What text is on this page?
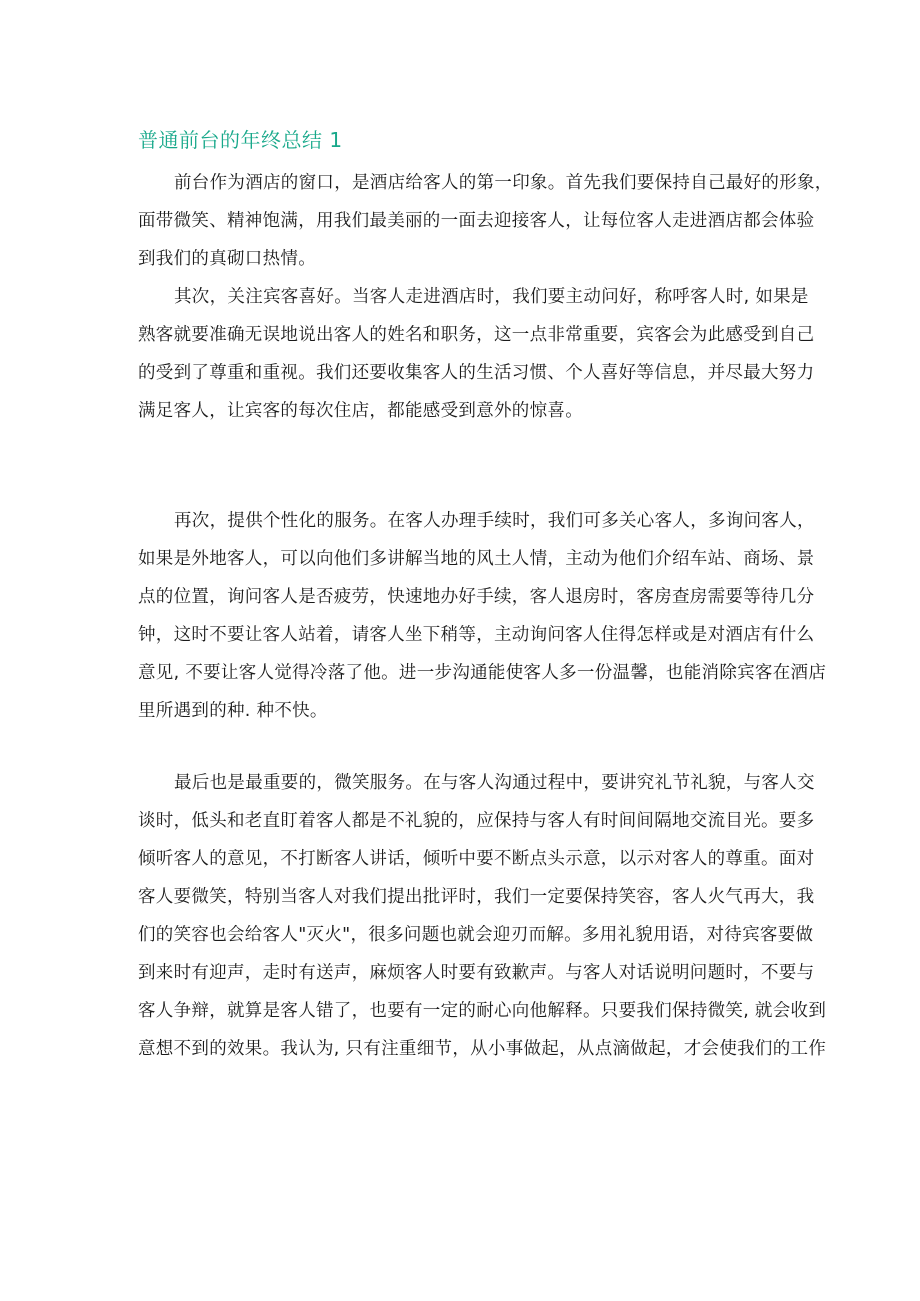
普通前台的年终总结 1

前台作为酒店的窗口，是酒店给客人的第一印象。首先我们要保持自己最好的形象，
面带微笑、精神饱满，用我们最美丽的一面去迎接客人，让每位客人走进酒店都会体验
到我们的真砌口热情。

其次，关注宾客喜好。当客人走进酒店时，我们要主动问好，称呼客人时, 如果是
熟客就要准确无误地说出客人的姓名和职务，这一点非常重要，宾客会为此感受到自己
的受到了尊重和重视。我们还要收集客人的生活习惯、个人喜好等信息，并尽最大努力
满足客人，让宾客的每次住店，都能感受到意外的惊喜。

再次，提供个性化的服务。在客人办理手续时，我们可多关心客人，多询问客人，
如果是外地客人，可以向他们多讲解当地的风土人情，主动为他们介绍车站、商场、景
点的位置，询问客人是否疲劳，快速地办好手续，客人退房时，客房查房需要等待几分
钟，这时不要让客人站着，请客人坐下稍等，主动询问客人住得怎样或是对酒店有什么
意见, 不要让客人觉得冷落了他。进一步沟通能使客人多一份温馨，也能消除宾客在酒店
里所遇到的种. 种不快。

最后也是最重要的，微笑服务。在与客人沟通过程中，要讲究礼节礼貌，与客人交
谈时，低头和老直盯着客人都是不礼貌的，应保持与客人有时间间隔地交流目光。要多
倾听客人的意见，不打断客人讲话，倾听中要不断点头示意，以示对客人的尊重。面对
客人要微笑，特别当客人对我们提出批评时，我们一定要保持笑容，客人火气再大，我
们的笑容也会给客人"灭火"，很多问题也就会迎刃而解。多用礼貌用语，对待宾客要做
到来时有迎声，走时有送声，麻烦客人时要有致歉声。与客人对话说明问题时，不要与
客人争辩，就算是客人错了，也要有一定的耐心向他解释。只要我们保持微笑, 就会收到
意想不到的效果。我认为, 只有注重细节，从小事做起，从点滴做起，才会使我们的工作
